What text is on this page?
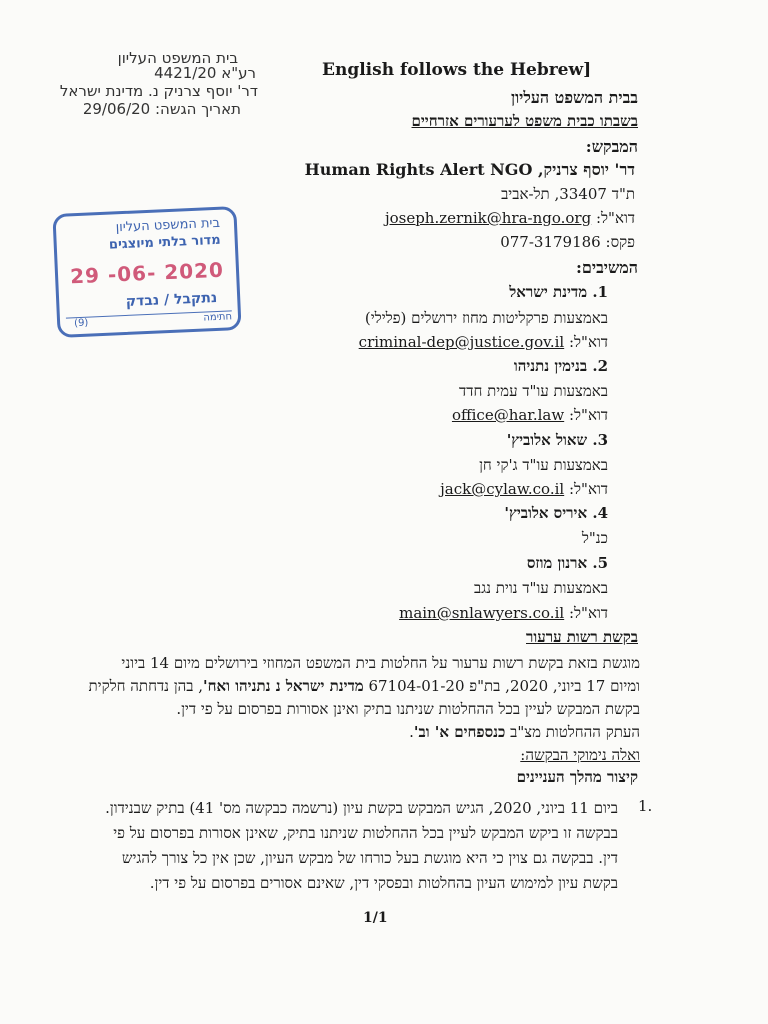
בית המשפט העליון
רע"א 4421/20
דר' יוסף צרניק נ. מדינת ישראל
תאריך הגשה: 29/06/20
English follows the Hebrew]
בבית המשפט העליון
בשבתו כבית משפט לערעורים אזרחיים
המבקש:
דר' יוסף צרניק, Human Rights Alert NGO
ת"ד 33407, תל-אביב
דוא"ל: joseph.zernik@hra-ngo.org
פקס: 077-3179186
המשיבים:
1. מדינת ישראל
באמצעות פרקליטות מחוז ירושלים (פלילי)
דוא"ל: criminal-dep@justice.gov.il
2. בנימין נתניהו
באמצעות עו"ד עמית חדד
דוא"ל: office@har.law
3. שאול אלוביץ'
באמצעות עו"ד ג'קי חן
דוא"ל: jack@cylaw.co.il
4. איריס אלוביץ'
כנ"ל
5. ארנון מוזס
באמצעות עו"ד נוית נגב
דוא"ל: main@snlawyers.co.il
בית המשפט העליון
מדור בלתי מיוצגים
29 -06- 2020
נתקבל / נבדק
חתימה
(9)
בקשת רשות ערעור
מוגשת בזאת בקשת רשות ערעור על החלטות בית המשפט המחוזי בירושלים מיום 14 ביוני
ומיום 17 ביוני, 2020, בת"פ 67104-01-20 מדינת ישראל נ נתניהו ואח', בהן נדחתה חלקית
בקשת המבקש לעיין בכל ההחלטות שניתנו בתיק ואינן אסורות בפרסום על פי דין.
העתק ההחלטות מצ"ב כנספחים א' וב'.
ואלה נימוקי הבקשה:
קיצור מהלך העניינים
1.
ביום 11 ביוני, 2020, הגיש המבקש בקשת עיון (נרשמה כבקשה מס' 41) בתיק שבנידון.
בבקשה זו ביקש המבקש לעיין בכל ההחלטות שניתנו בתיק, שאינן אסורות בפרסום על פי
דין. בבקשה גם צוין כי היא מוגשת בעל כורחו של מבקש העיון, שכן אין כל צורך להגיש
בקשת עיון למימוש העיון בהחלטות ובפסקי דין, שאינם אסורים בפרסום על פי דין.
1/1
